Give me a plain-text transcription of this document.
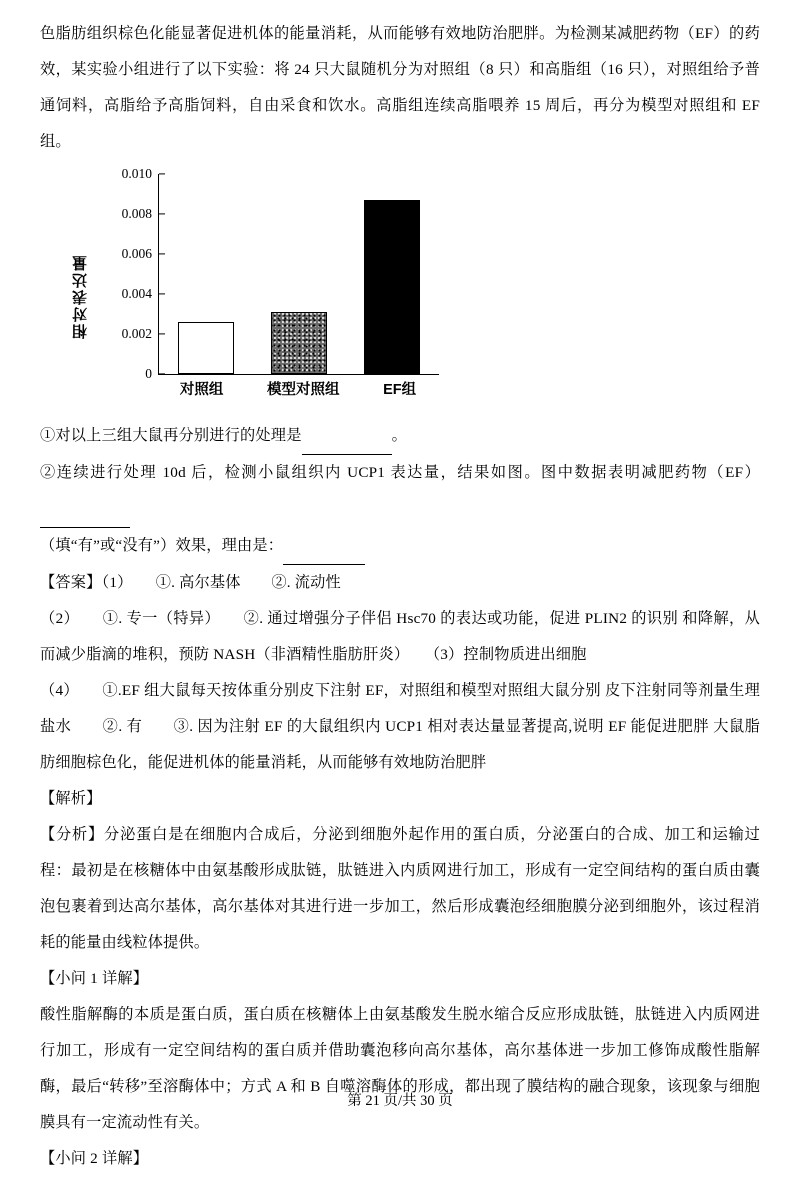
色脂肪组织棕色化能显著促进机体的能量消耗，从而能够有效地防治肥胖。为检测某减肥药物（EF）的药效，某实验小组进行了以下实验：将 24 只大鼠随机分为对照组（8 只）和高脂组（16 只），对照组给予普通饲料，高脂给予高脂饲料，自由采食和饮水。高脂组连续高脂喂养 15 周后，再分为模型对照组和 EF 组。

相对表达量
0.010
0.008
0.006
0.004
0.002
0
对照组	模型对照组	EF组

①对以上三组大鼠再分别进行的处理是	。

②连续进行处理 10d 后，检测小鼠组织内 UCP1 表达量，结果如图。图中数据表明减肥药物（EF）
（填“有”或“没有”）效果，理由是：

【答案】（1）　　①. 高尔基体　　②. 流动性

（2）　　①. 专一（特异）　　②. 通过增强分子伴侣 Hsc70 的表达或功能，促进 PLIN2 的识别 和降解，从而减少脂滴的堆积，预防 NASH（非酒精性脂肪肝炎）　　（3）控制物质进出细胞

（4）　　①.EF 组大鼠每天按体重分别皮下注射 EF，对照组和模型对照组大鼠分别 皮下注射同等剂量生理盐水　　②. 有　　③. 因为注射 EF 的大鼠组织内 UCP1 相对表达量显著提高,说明 EF 能促进肥胖 大鼠脂肪细胞棕色化，能促进机体的能量消耗，从而能够有效地防治肥胖

【解析】

【分析】分泌蛋白是在细胞内合成后，分泌到细胞外起作用的蛋白质，分泌蛋白的合成、加工和运输过程：最初是在核糖体中由氨基酸形成肽链，肽链进入内质网进行加工，形成有一定空间结构的蛋白质由囊泡包裹着到达高尔基体，高尔基体对其进行进一步加工，然后形成囊泡经细胞膜分泌到细胞外，该过程消耗的能量由线粒体提供。

【小问 1 详解】

酸性脂解酶的本质是蛋白质，蛋白质在核糖体上由氨基酸发生脱水缩合反应形成肽链，肽链进入内质网进行加工，形成有一定空间结构的蛋白质并借助囊泡移向高尔基体，高尔基体进一步加工修饰成酸性脂解酶，最后“转移”至溶酶体中；方式 A 和 B 自噬溶酶体的形成，都出现了膜结构的融合现象，该现象与细胞膜具有一定流动性有关。

【小问 2 详解】

第 21 页/共 30 页
